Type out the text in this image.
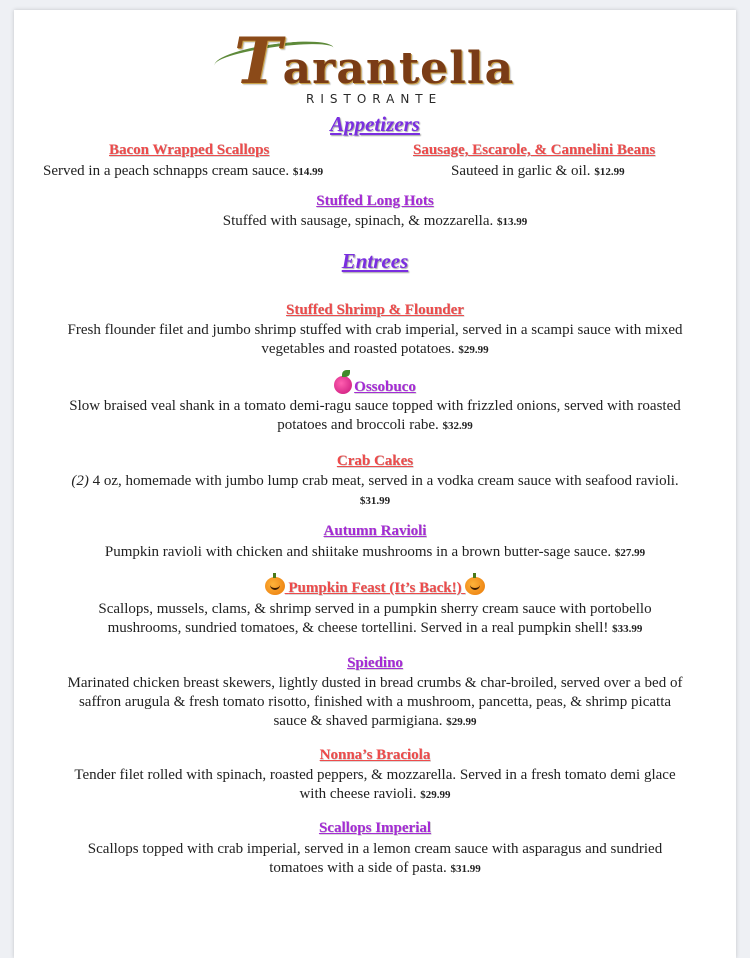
Tarantella
RISTORANTE
Appetizers
Bacon Wrapped Scallops
Served in a peach schnapps cream sauce. $14.99
Sausage, Escarole, & Cannelini Beans
Sauteed in garlic & oil. $12.99
Stuffed Long Hots
Stuffed with sausage, spinach, & mozzarella. $13.99
Entrees
Stuffed Shrimp & Flounder
Fresh flounder filet and jumbo shrimp stuffed with crab imperial, served in a scampi sauce with mixed
vegetables and roasted potatoes. $29.99
Ossobuco
Slow braised veal shank in a tomato demi-ragu sauce topped with frizzled onions, served with roasted
potatoes and broccoli rabe. $32.99
Crab Cakes
(2) 4 oz, homemade with jumbo lump crab meat, served in a vodka cream sauce with seafood ravioli.
$31.99
Autumn Ravioli
Pumpkin ravioli with chicken and shiitake mushrooms in a brown butter-sage sauce. $27.99
Pumpkin Feast (It’s Back!)
Scallops, mussels, clams, & shrimp served in a pumpkin sherry cream sauce with portobello
mushrooms, sundried tomatoes, & cheese tortellini. Served in a real pumpkin shell! $33.99
Spiedino
Marinated chicken breast skewers, lightly dusted in bread crumbs & char-broiled, served over a bed of
saffron arugula & fresh tomato risotto, finished with a mushroom, pancetta, peas, & shrimp picatta
sauce & shaved parmigiana. $29.99
Nonna’s Braciola
Tender filet rolled with spinach, roasted peppers, & mozzarella. Served in a fresh tomato demi glace
with cheese ravioli. $29.99
Scallops Imperial
Scallops topped with crab imperial, served in a lemon cream sauce with asparagus and sundried
tomatoes with a side of pasta. $31.99
